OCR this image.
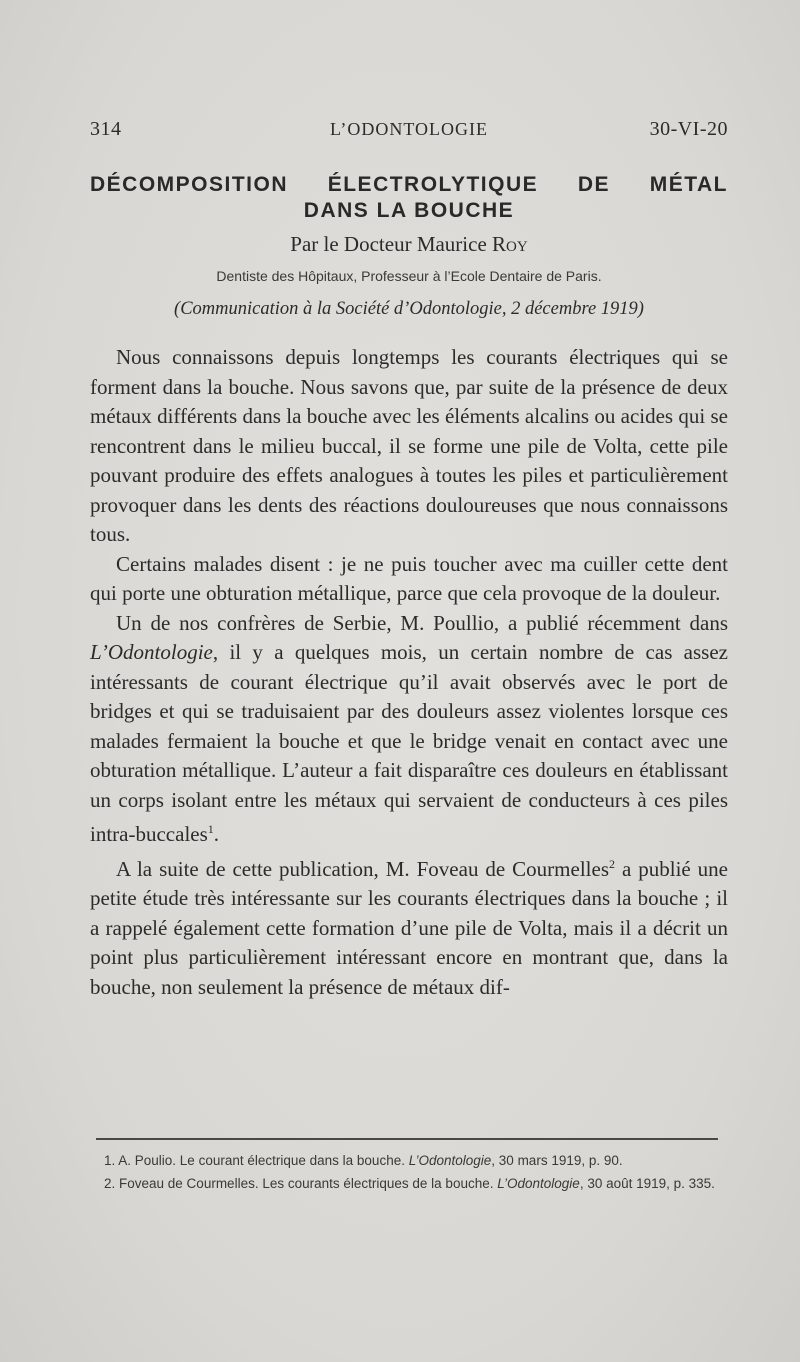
314	L’ODONTOLOGIE	30-VI-20
DÉCOMPOSITION ÉLECTROLYTIQUE DE MÉTAL
DANS LA BOUCHE
Par le Docteur Maurice Roy
Dentiste des Hôpitaux, Professeur à l’Ecole Dentaire de Paris.
(Communication à la Société d’Odontologie, 2 décembre 1919)

Nous connaissons depuis longtemps les courants électriques qui se forment dans la bouche. Nous savons que, par suite de la présence de deux métaux différents dans la bouche avec les éléments alcalins ou acides qui se rencontrent dans le milieu buccal, il se forme une pile de Volta, cette pile pouvant produire des effets analogues à toutes les piles et particulièrement provoquer dans les dents des réactions douloureuses que nous connaissons tous.

Certains malades disent : je ne puis toucher avec ma cuiller cette dent qui porte une obturation métallique, parce que cela provoque de la douleur.

Un de nos confrères de Serbie, M. Poullio, a publié récemment dans L’Odontologie, il y a quelques mois, un certain nombre de cas assez intéressants de courant électrique qu’il avait observés avec le port de bridges et qui se traduisaient par des douleurs assez violentes lorsque ces malades fermaient la bouche et que le bridge venait en contact avec une obturation métallique. L’auteur a fait disparaître ces douleurs en établissant un corps isolant entre les métaux qui servaient de conducteurs à ces piles intra-buccales$^1$.

A la suite de cette publication, M. Foveau de Courmelles$^2$ a publié une petite étude très intéressante sur les courants électriques dans la bouche ; il a rappelé également cette formation d’une pile de Volta, mais il a décrit un point plus particulièrement intéressant encore en montrant que, dans la bouche, non seulement la présence de métaux dif-

1. A. Poulio. Le courant électrique dans la bouche. L’Odontologie, 30 mars 1919, p. 90.

2. Foveau de Courmelles. Les courants électriques de la bouche. L’Odontologie, 30 août 1919, p. 335.
